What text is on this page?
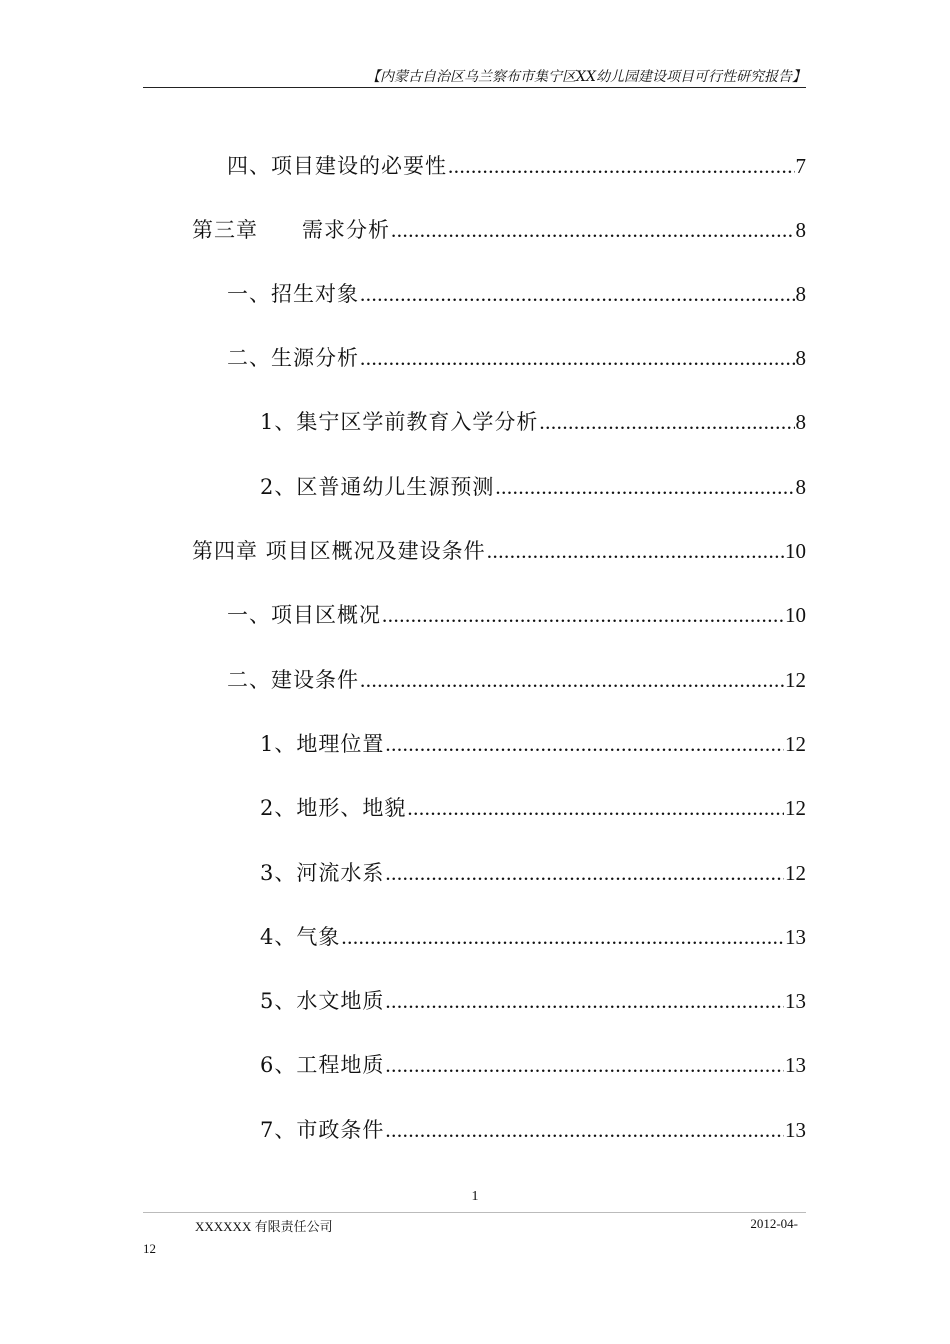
【内蒙古自治区乌兰察布市集宁区XX幼儿园建设项目可行性研究报告】
四、项目建设的必要性 .....	7
第三章　　需求分析 .....	8
一、招生对象 .....	8
二、生源分析 .....	8
1、集宁区学前教育入学分析 .....	8
2、区普通幼儿生源预测 .....	8
第四章 项目区概况及建设条件 .....	10
一、项目区概况 .....	10
二、建设条件 .....	12
1、地理位置 .....	12
2、地形、地貌 .....	12
3、河流水系 .....	12
4、气象 .....	13
5、水文地质 .....	13
6、工程地质 .....	13
7、市政条件 .....	13
1
XXXXXX 有限责任公司	2012-04-
12
